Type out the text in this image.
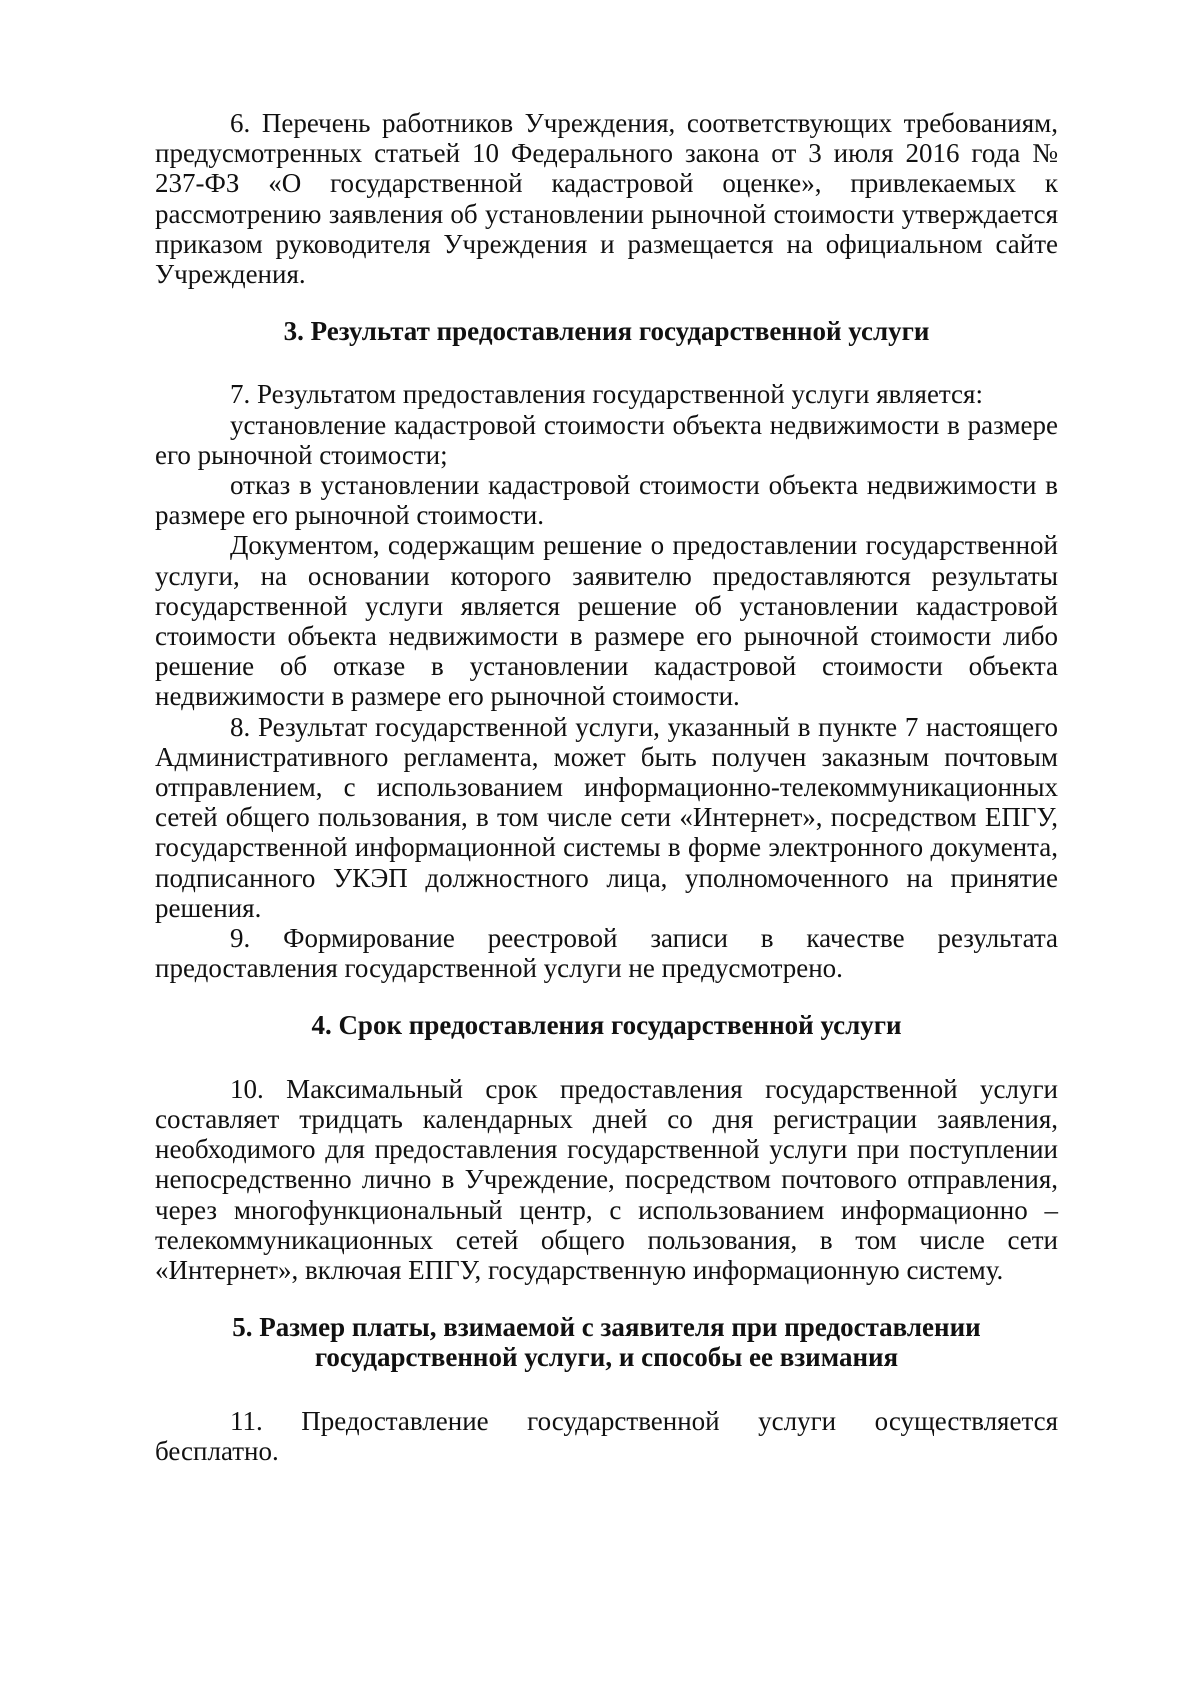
6. Перечень работников Учреждения, соответствующих требованиям, предусмотренных статьей 10 Федерального закона от 3 июля 2016 года № 237-ФЗ «О государственной кадастровой оценке», привлекаемых к рассмотрению заявления об установлении рыночной стоимости утверждается приказом руководителя Учреждения и размещается на официальном сайте Учреждения.

3. Результат предоставления государственной услуги

7. Результатом предоставления государственной услуги является:

установление кадастровой стоимости объекта недвижимости в размере его рыночной стоимости;

отказ в установлении кадастровой стоимости объекта недвижимости в размере его рыночной стоимости.

Документом, содержащим решение о предоставлении государственной услуги, на основании которого заявителю предоставляются результаты государственной услуги является решение об установлении кадастровой стоимости объекта недвижимости в размере его рыночной стоимости либо решение об отказе в установлении кадастровой стоимости объекта недвижимости в размере его рыночной стоимости.

8. Результат государственной услуги, указанный в пункте 7 настоящего Административного регламента, может быть получен заказным почтовым отправлением, с использованием информационно-телекоммуникационных сетей общего пользования, в том числе сети «Интернет», посредством ЕПГУ, государственной информационной системы в форме электронного документа, подписанного УКЭП должностного лица, уполномоченного на принятие решения.

9. Формирование реестровой записи в качестве результата предоставления государственной услуги не предусмотрено.

4. Срок предоставления государственной услуги

10. Максимальный срок предоставления государственной услуги составляет тридцать календарных дней со дня регистрации заявления, необходимого для предоставления государственной услуги при поступлении непосредственно лично в Учреждение, посредством почтового отправления, через многофункциональный центр, с использованием информационно – телекоммуникационных сетей общего пользования, в том числе сети «Интернет», включая ЕПГУ, государственную информационную систему.

5. Размер платы, взимаемой с заявителя при предоставлении

государственной услуги, и способы ее взимания

11. Предоставление государственной услуги осуществляется бесплатно.
